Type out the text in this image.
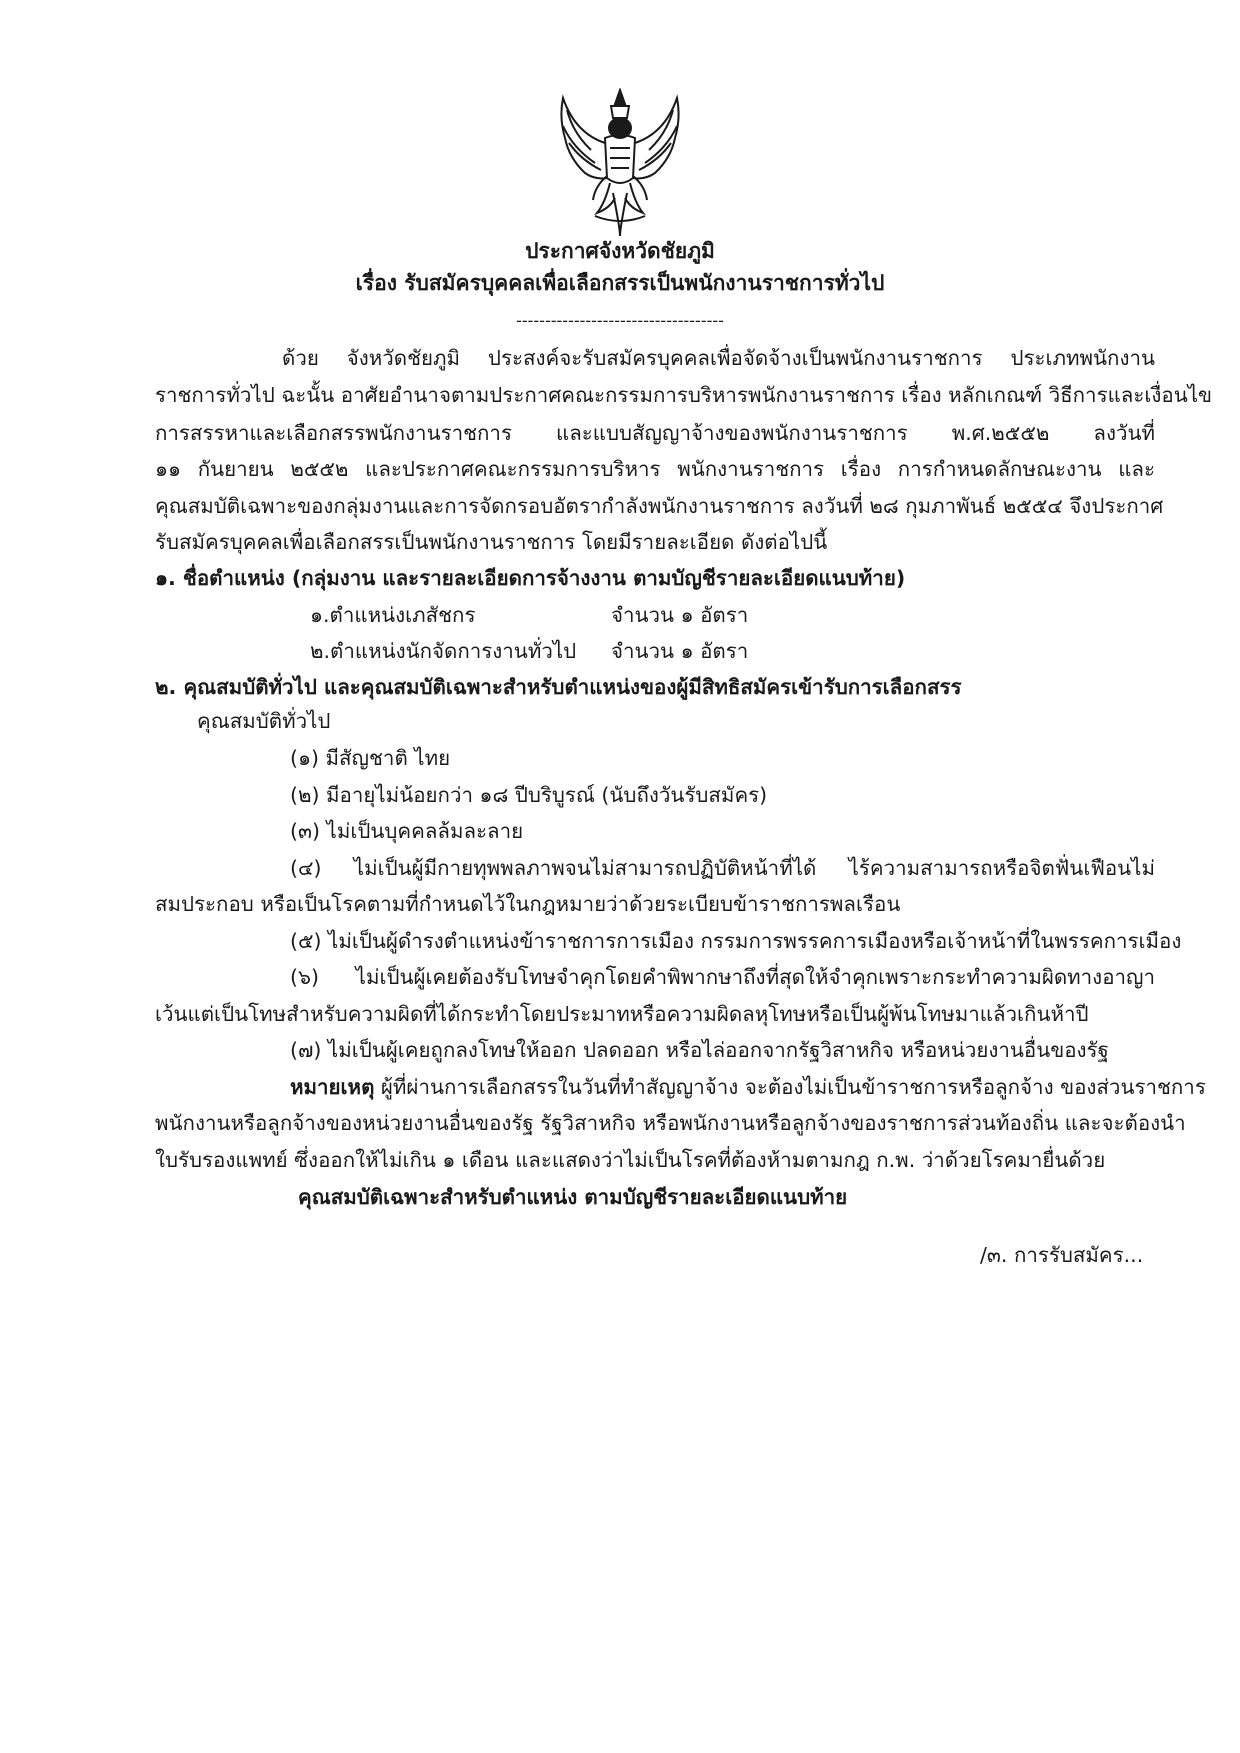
ประกาศจังหวัดชัยภูมิ
เรื่อง รับสมัครบุคคลเพื่อเลือกสรรเป็นพนักงานราชการทั่วไป
------------------------------------
ด้วย จังหวัดชัยภูมิ ประสงค์จะรับสมัครบุคคลเพื่อจัดจ้างเป็นพนักงานราชการ ประเภทพนักงาน
ราชการทั่วไป ฉะนั้น อาศัยอำนาจตามประกาศคณะกรรมการบริหารพนักงานราชการ เรื่อง หลักเกณฑ์ วิธีการและเงื่อนไข
การสรรหาและเลือกสรรพนักงานราชการ และแบบสัญญาจ้างของพนักงานราชการ พ.ศ.๒๕๕๒ ลงวันที่
๑๑ กันยายน ๒๕๕๒ และประกาศคณะกรรมการบริหาร พนักงานราชการ เรื่อง การกำหนดลักษณะงาน และ
คุณสมบัติเฉพาะของกลุ่มงานและการจัดกรอบอัตรากำลังพนักงานราชการ ลงวันที่ ๒๘ กุมภาพันธ์ ๒๕๕๔ จึงประกาศ
รับสมัครบุคคลเพื่อเลือกสรรเป็นพนักงานราชการ โดยมีรายละเอียด ดังต่อไปนี้
๑. ชื่อตำแหน่ง (กลุ่มงาน และรายละเอียดการจ้างงาน ตามบัญชีรายละเอียดแนบท้าย)
๑.ตำแหน่งเภสัชกร	จำนวน ๑ อัตรา
๒.ตำแหน่งนักจัดการงานทั่วไป จำนวน ๑ อัตรา
๒. คุณสมบัติทั่วไป และคุณสมบัติเฉพาะสำหรับตำแหน่งของผู้มีสิทธิสมัครเข้ารับการเลือกสรร
คุณสมบัติทั่วไป
(๑) มีสัญชาติ ไทย
(๒) มีอายุไม่น้อยกว่า ๑๘ ปีบริบูรณ์ (นับถึงวันรับสมัคร)
(๓) ไม่เป็นบุคคลล้มละลาย
(๔) ไม่เป็นผู้มีกายทุพพลภาพจนไม่สามารถปฏิบัติหน้าที่ได้ ไร้ความสามารถหรือจิตฟั่นเฟือนไม่
สมประกอบ หรือเป็นโรคตามที่กำหนดไว้ในกฎหมายว่าด้วยระเบียบข้าราชการพลเรือน
(๕) ไม่เป็นผู้ดำรงตำแหน่งข้าราชการการเมือง กรรมการพรรคการเมืองหรือเจ้าหน้าที่ในพรรคการเมือง
(๖) ไม่เป็นผู้เคยต้องรับโทษจำคุกโดยคำพิพากษาถึงที่สุดให้จำคุกเพราะกระทำความผิดทางอาญา
เว้นแต่เป็นโทษสำหรับความผิดที่ได้กระทำโดยประมาทหรือความผิดลหุโทษหรือเป็นผู้พ้นโทษมาแล้วเกินห้าปี
(๗) ไม่เป็นผู้เคยถูกลงโทษให้ออก ปลดออก หรือไล่ออกจากรัฐวิสาหกิจ หรือหน่วยงานอื่นของรัฐ
หมายเหตุ ผู้ที่ผ่านการเลือกสรรในวันที่ทำสัญญาจ้าง จะต้องไม่เป็นข้าราชการหรือลูกจ้าง ของส่วนราชการ
พนักงานหรือลูกจ้างของหน่วยงานอื่นของรัฐ รัฐวิสาหกิจ หรือพนักงานหรือลูกจ้างของราชการส่วนท้องถิ่น และจะต้องนำ
ใบรับรองแพทย์ ซึ่งออกให้ไม่เกิน ๑ เดือน และแสดงว่าไม่เป็นโรคที่ต้องห้ามตามกฎ ก.พ. ว่าด้วยโรคมายื่นด้วย
คุณสมบัติเฉพาะสำหรับตำแหน่ง ตามบัญชีรายละเอียดแนบท้าย
/๓. การรับสมัคร...
